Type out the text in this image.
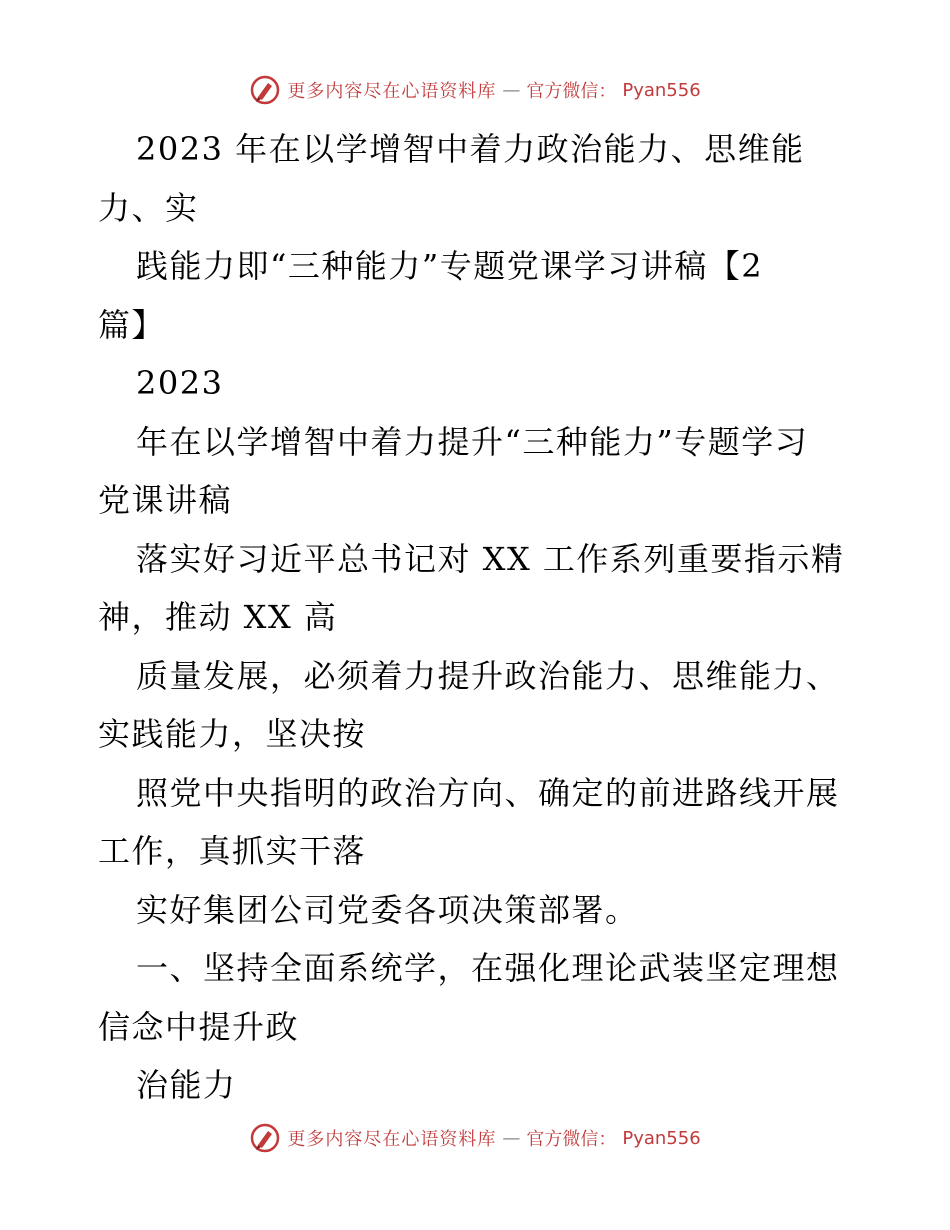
更多内容尽在心语资料库 — 官方微信： Pyan556
2023 年在以学增智中着力政治能力、思维能
力、实
践能力即“三种能力”专题党课学习讲稿【2
篇】
2023
年在以学增智中着力提升“三种能力”专题学习
党课讲稿
落实好习近平总书记对 XX 工作系列重要指示精
神，推动 XX 高
质量发展，必须着力提升政治能力、思维能力、
实践能力，坚决按
照党中央指明的政治方向、确定的前进路线开展
工作，真抓实干落
实好集团公司党委各项决策部署。
一、坚持全面系统学，在强化理论武装坚定理想
信念中提升政
治能力
更多内容尽在心语资料库 — 官方微信： Pyan556
